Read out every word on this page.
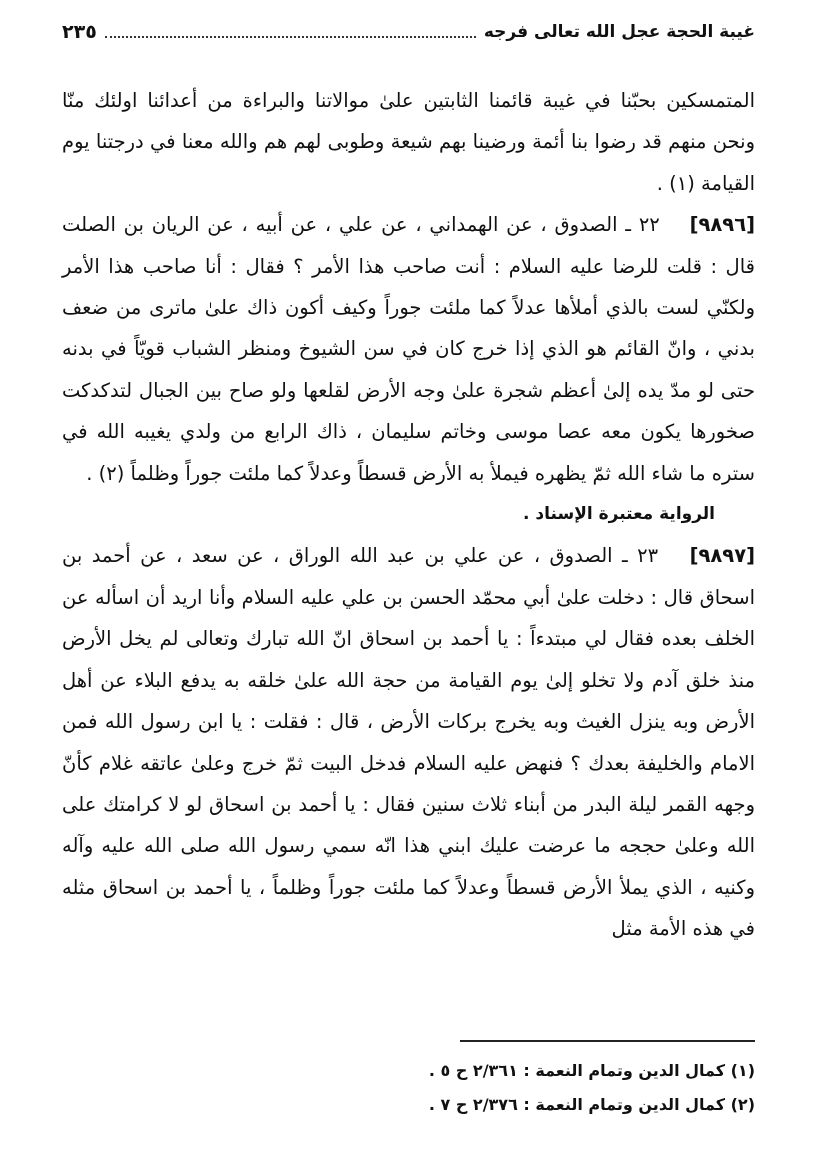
غيبة الحجة عجل الله تعالى فرجه
٢٣٥

المتمسكين بحبّنا في غيبة قائمنا الثابتين علىٰ موالاتنا والبراءة من أعدائنا اولئك منّا ونحن منهم قد رضوا بنا أئمة ورضينا بهم شيعة وطوبى لهم هم والله معنا في درجتنا يوم القيامة (١) .

[٩٨٩٦] ٢٢ ـ الصدوق ، عن الهمداني ، عن علي ، عن أبيه ، عن الريان بن الصلت قال : قلت للرضا عليه السلام : أنت صاحب هذا الأمر ؟ فقال : أنا صاحب هذا الأمر ولكنّي لست بالذي أملأها عدلاً كما ملئت جوراً وكيف أكون ذاك علىٰ ماترى من ضعف بدني ، وانّ القائم هو الذي إذا خرج كان في سن الشيوخ ومنظر الشباب قويّاً في بدنه حتى لو مدّ يده إلىٰ أعظم شجرة علىٰ وجه الأرض لقلعها ولو صاح بين الجبال لتدكدكت صخورها يكون معه عصا موسى وخاتم سليمان ، ذاك الرابع من ولدي يغيبه الله في ستره ما شاء الله ثمّ يظهره فيملأ به الأرض قسطاً وعدلاً كما ملئت جوراً وظلماً (٢) .

الرواية معتبرة الإسناد .

[٩٨٩٧] ٢٣ ـ الصدوق ، عن علي بن عبد الله الوراق ، عن سعد ، عن أحمد بن اسحاق قال : دخلت علىٰ أبي محمّد الحسن بن علي عليه السلام وأنا اريد أن اسأله عن الخلف بعده فقال لي مبتدءاً : يا أحمد بن اسحاق انّ الله تبارك وتعالى لم يخل الأرض منذ خلق آدم ولا تخلو إلىٰ يوم القيامة من حجة الله علىٰ خلقه به يدفع البلاء عن أهل الأرض وبه ينزل الغيث وبه يخرج بركات الأرض ، قال : فقلت : يا ابن رسول الله فمن الامام والخليفة بعدك ؟ فنهض عليه السلام فدخل البيت ثمّ خرج وعلىٰ عاتقه غلام كأنّ وجهه القمر ليلة البدر من أبناء ثلاث سنين فقال : يا أحمد بن اسحاق لو لا كرامتك على الله وعلىٰ حججه ما عرضت عليك ابني هذا انّه سمي رسول الله صلى الله عليه وآله وكنيه ، الذي يملأ الأرض قسطاً وعدلاً كما ملئت جوراً وظلماً ، يا أحمد بن اسحاق مثله في هذه الأمة مثل

(١) كمال الدين وتمام النعمة : ٢/٣٦١ ح ٥ .

(٢) كمال الدين وتمام النعمة : ٢/٣٧٦ ح ٧ .
